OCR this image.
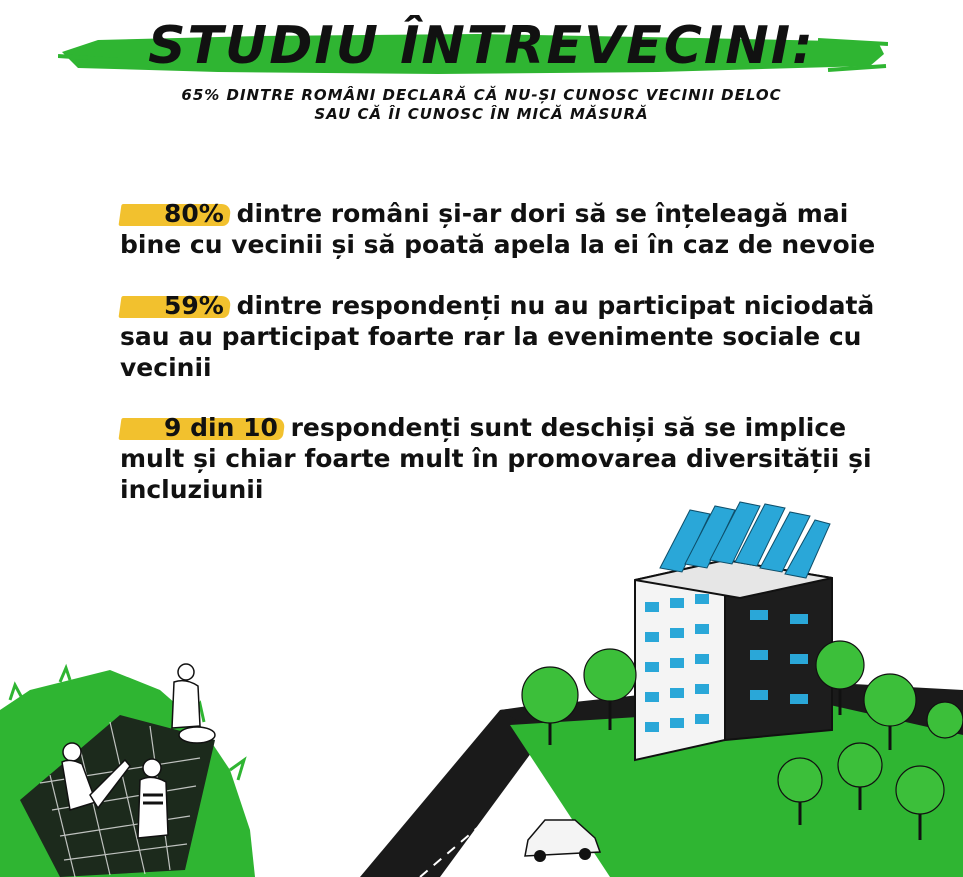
STUDIU ÎNTREVECINI:
65% DINTRE ROMÂNI DECLARĂ CĂ NU-ȘI CUNOSC VECINII DELOC
SAU CĂ ÎI CUNOSC ÎN MICĂ MĂSURĂ
80% dintre români și-ar dori să se înțeleagă mai bine cu vecinii și să poată apela la ei în caz de nevoie
59% dintre respondenți nu au participat niciodată sau au participat foarte rar la evenimente sociale cu vecinii
9 din 10 respondenți sunt deschiși să se implice mult și chiar foarte mult în promovarea diversității și incluziunii
